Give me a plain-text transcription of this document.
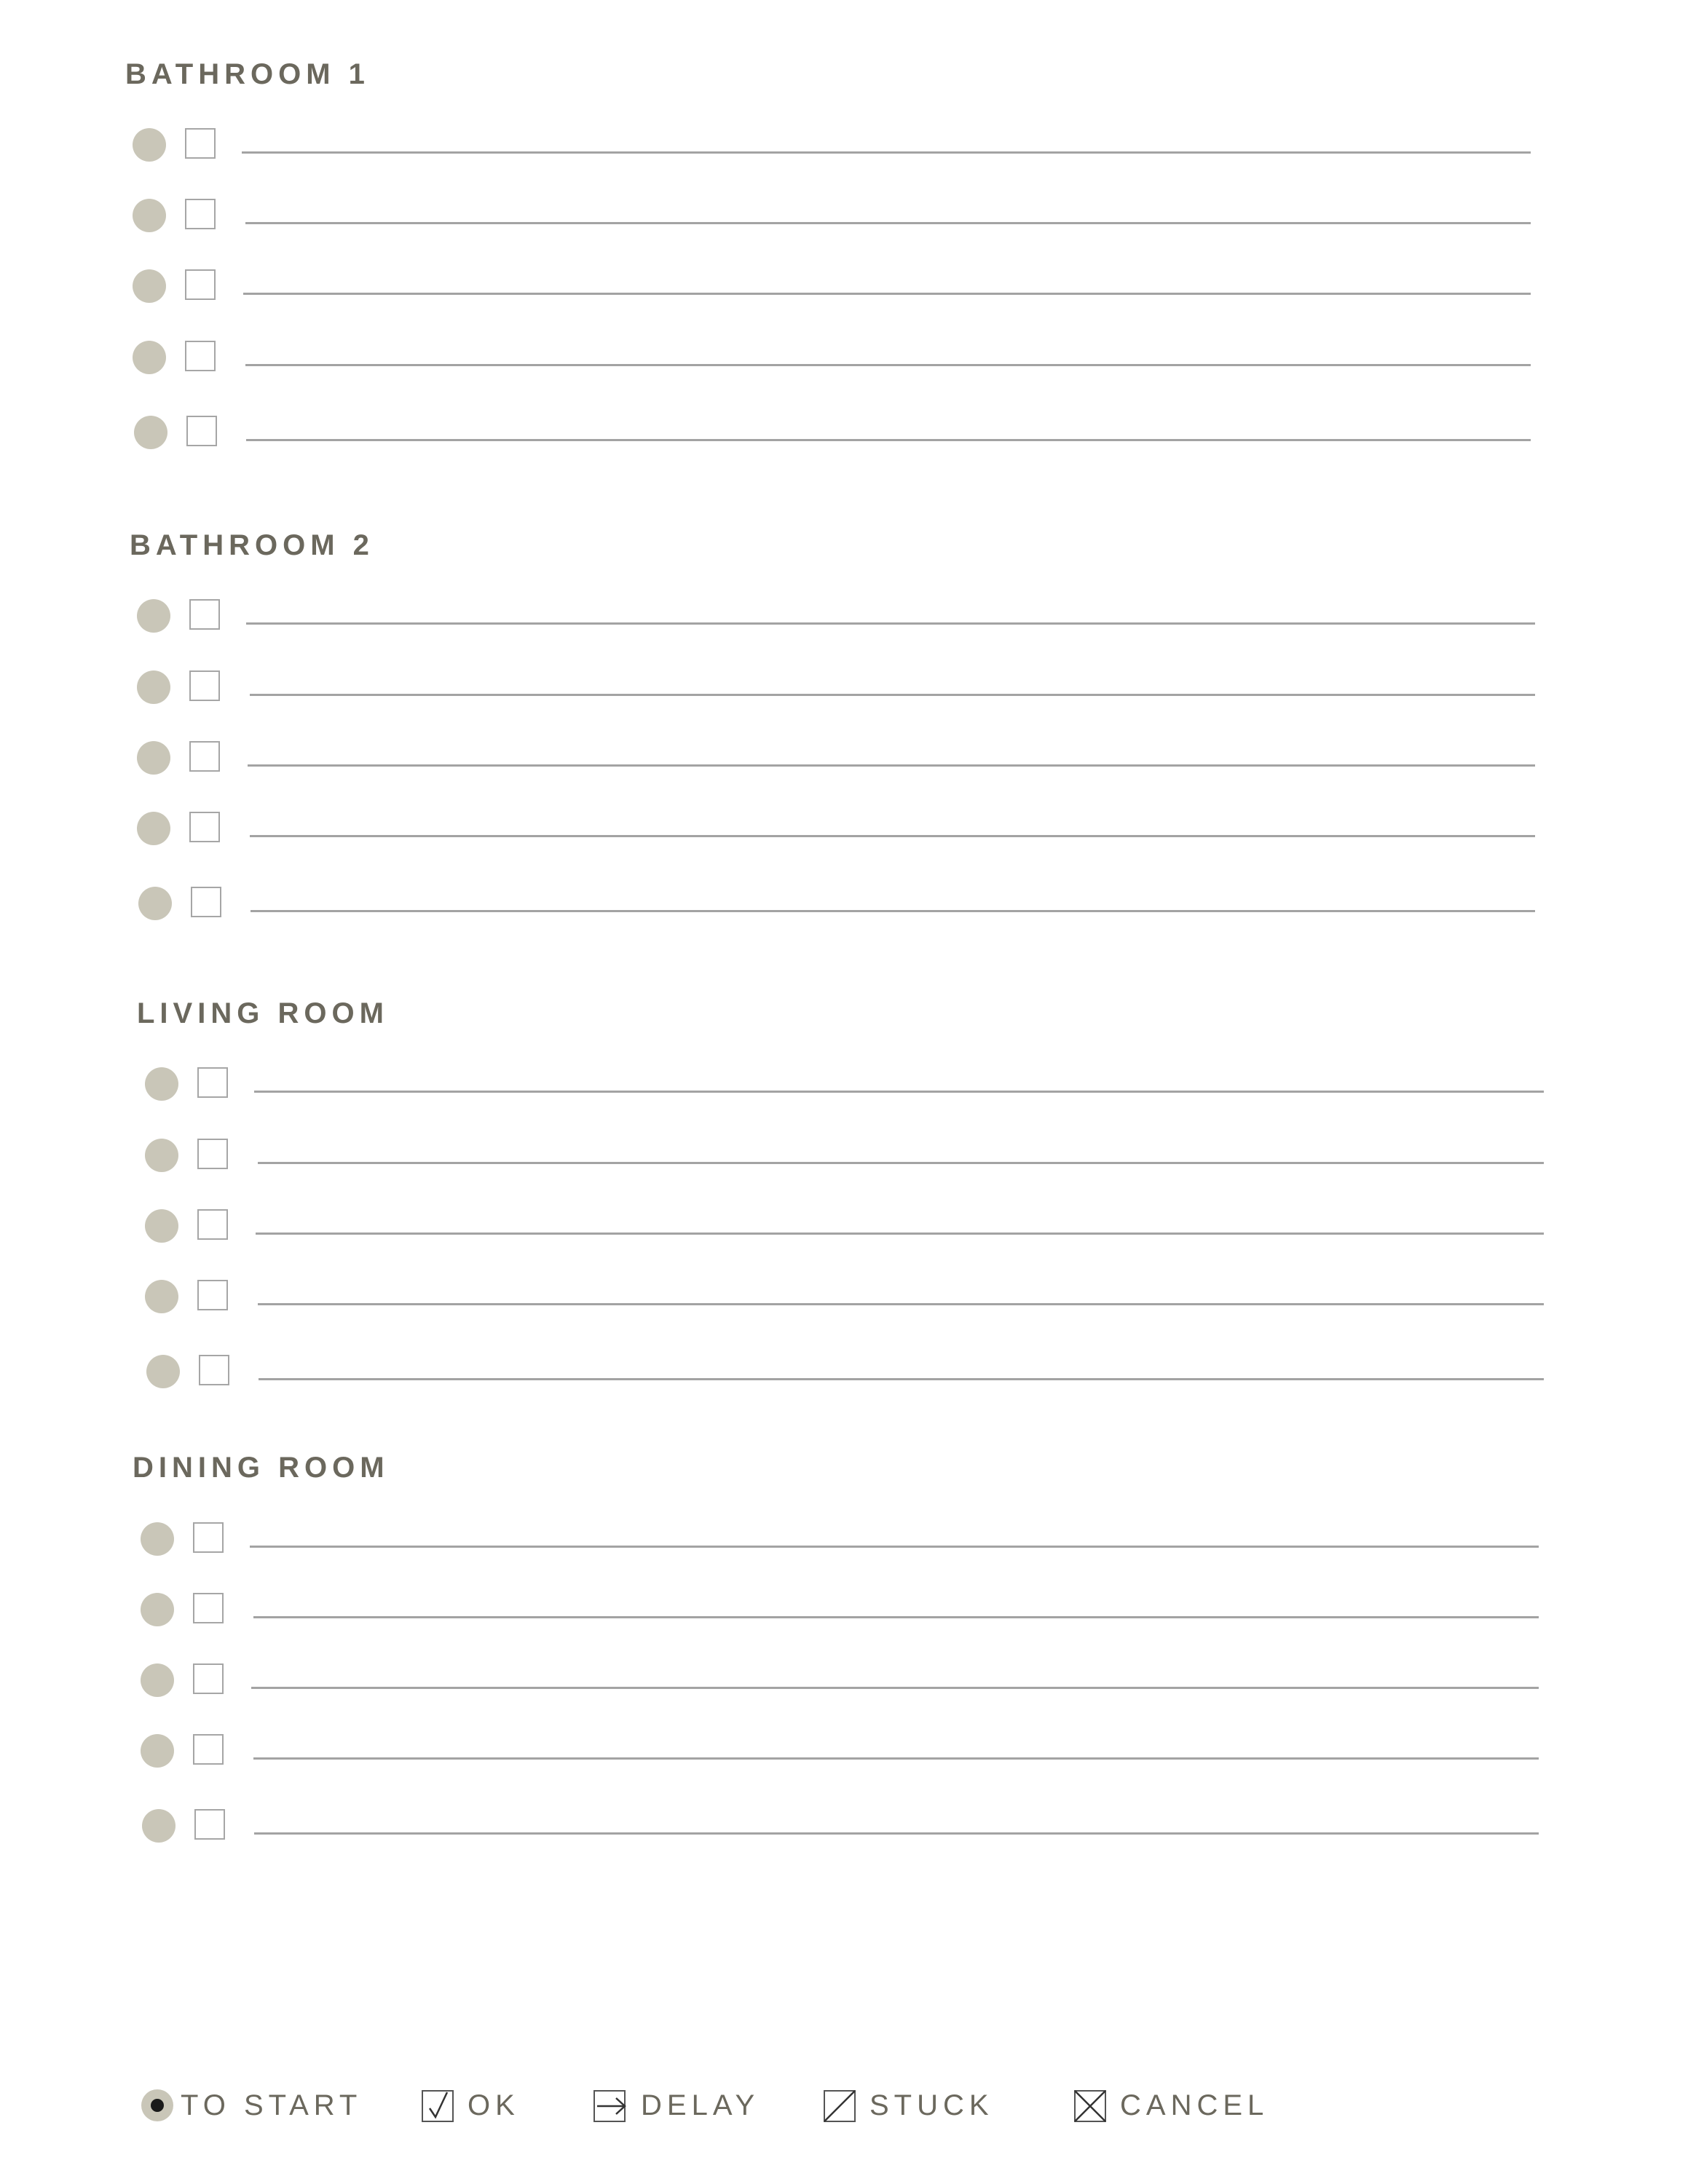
BATHROOM 1
BATHROOM 2
LIVING ROOM
DINING ROOM
TO START	OK	DELAY	STUCK	CANCEL
